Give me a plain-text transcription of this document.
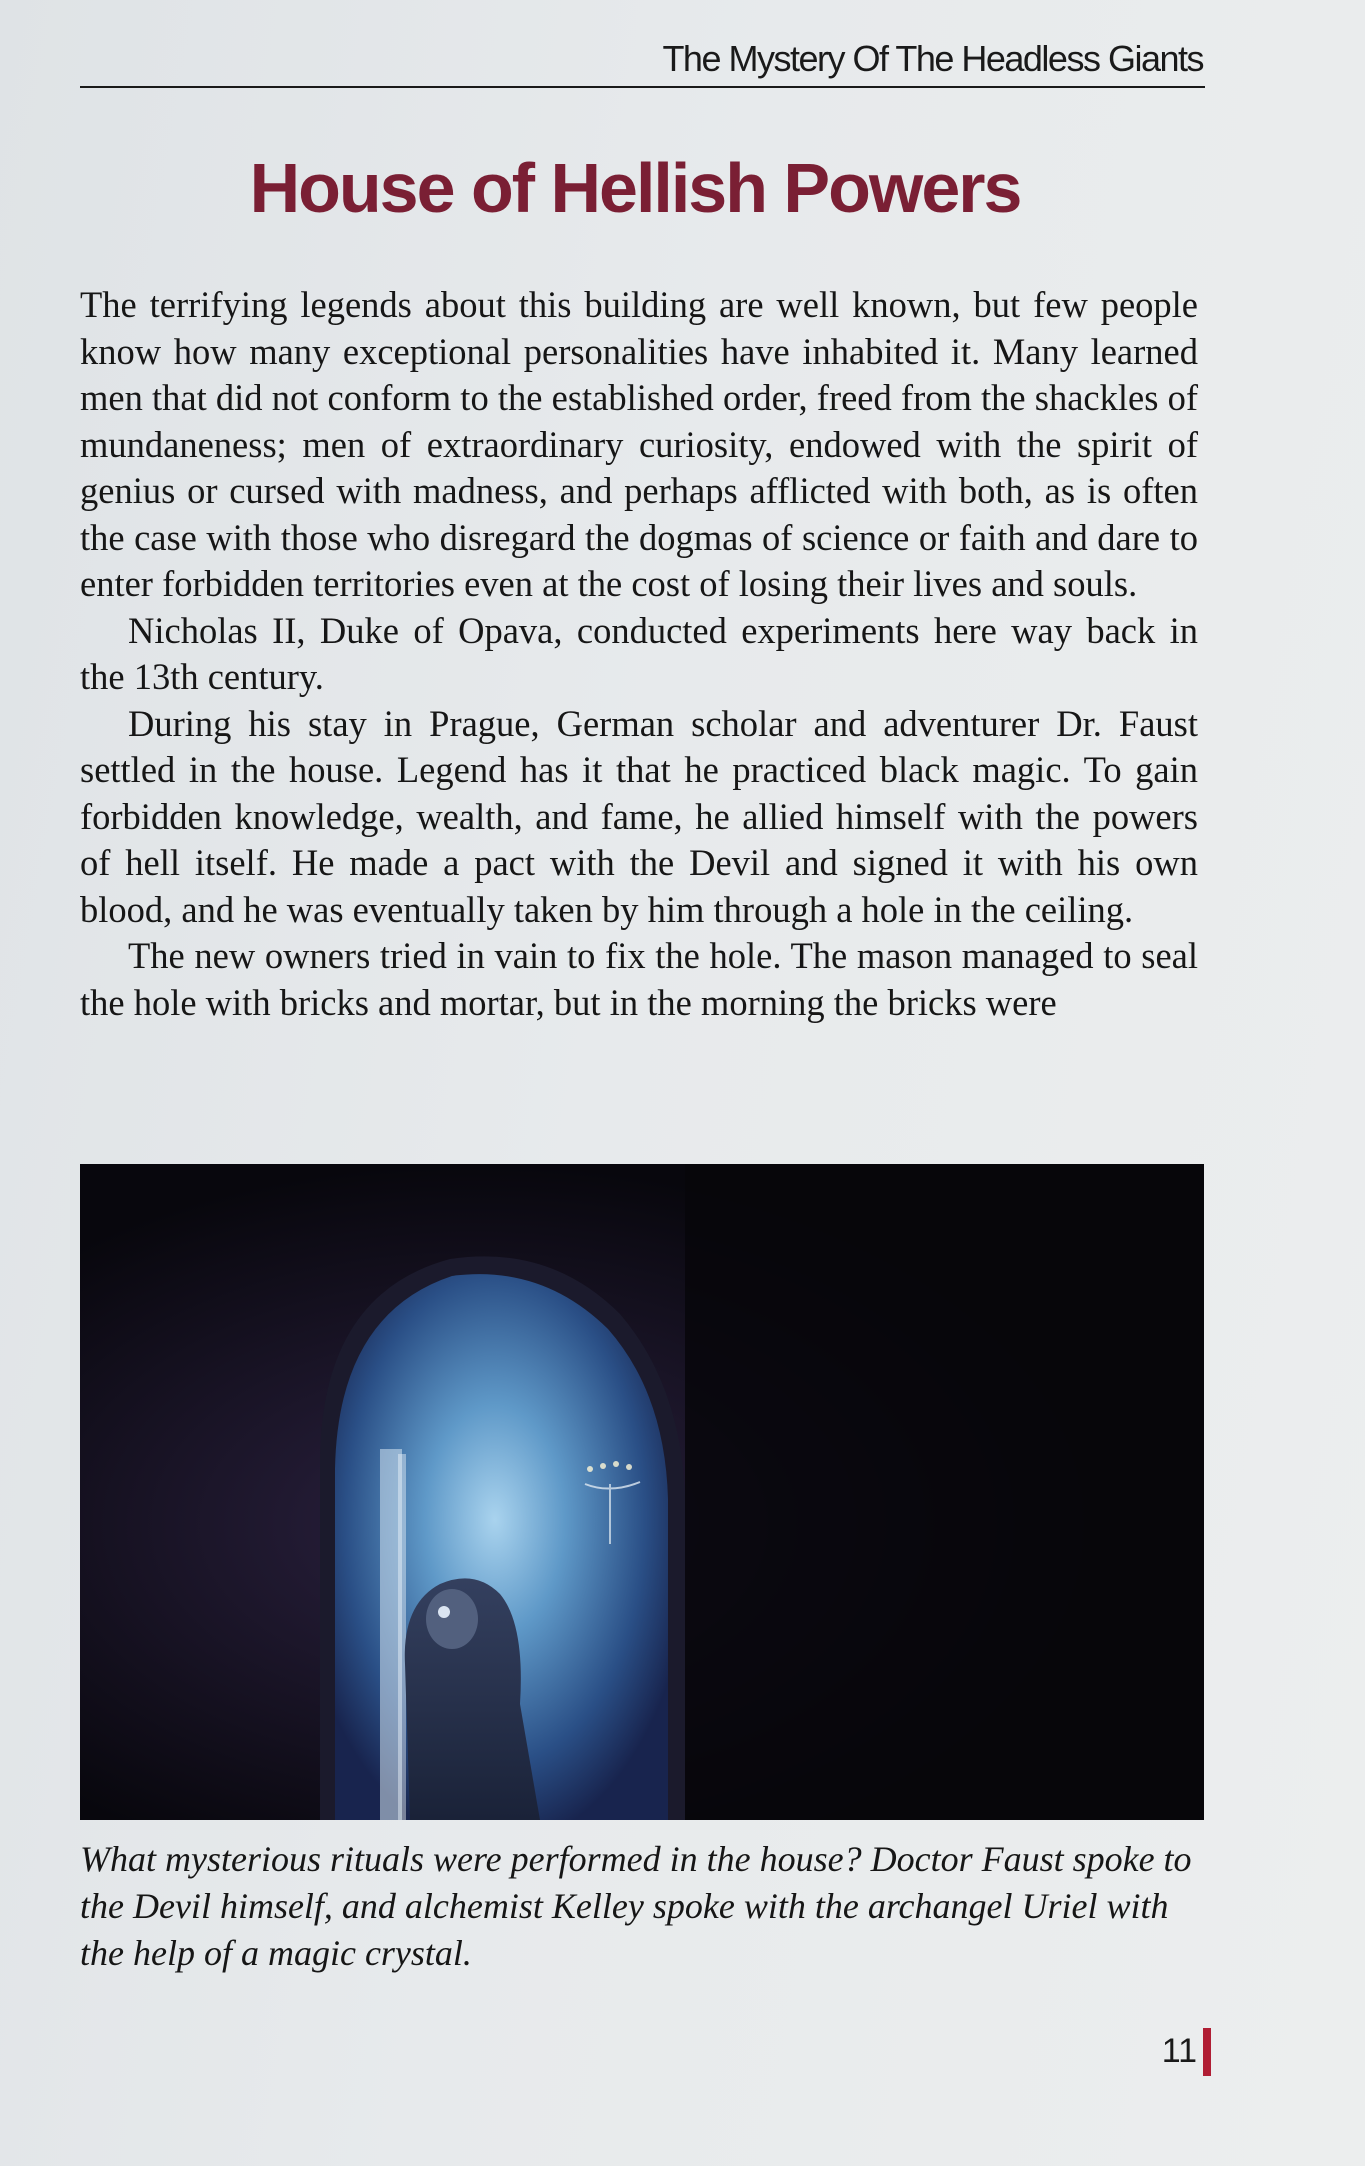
The Mystery Of The Headless Giants
House of Hellish Powers

The terrifying legends about this building are well known, but few people know how many exceptional personalities have inhabited it. Many learned men that did not conform to the established order, freed from the shackles of mundaneness; men of extraordinary curiosity, endowed with the spirit of genius or cursed with madness, and perhaps afflicted with both, as is often the case with those who disregard the dogmas of science or faith and dare to enter forbidden territories even at the cost of losing their lives and souls.

Nicholas II, Duke of Opava, conducted experiments here way back in the 13th century.

During his stay in Prague, German scholar and adventurer Dr. Faust settled in the house. Legend has it that he practiced black magic. To gain forbidden knowledge, wealth, and fame, he allied himself with the powers of hell itself. He made a pact with the Devil and signed it with his own blood, and he was eventually taken by him through a hole in the ceiling.

The new owners tried in vain to fix the hole. The mason managed to seal the hole with bricks and mortar, but in the morning the bricks were

What mysterious rituals were performed in the house? Doctor Faust spoke to the Devil himself, and alchemist Kelley spoke with the archangel Uriel with the help of a magic crystal.
11
